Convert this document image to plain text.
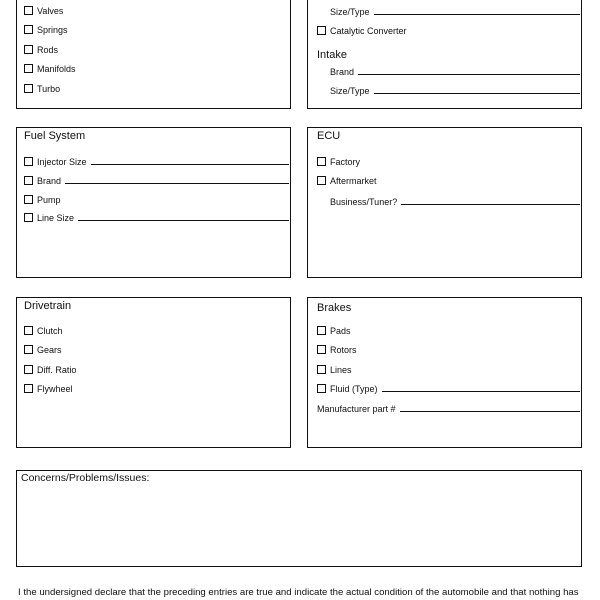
Valves
Springs
Rods
Manifolds
Turbo
Size/Type
Catalytic Converter
Intake
Brand
Size/Type
Fuel System
Injector Size
Brand
Pump
Line Size
ECU
Factory
Aftermarket
Business/Tuner?
Drivetrain
Clutch
Gears
Diff. Ratio
Flywheel
Brakes
Pads
Rotors
Lines
Fluid (Type)
Manufacturer part #
Concerns/Problems/Issues:
I the undersigned declare that the preceding entries are true and indicate the actual condition of the automobile and that nothing has
